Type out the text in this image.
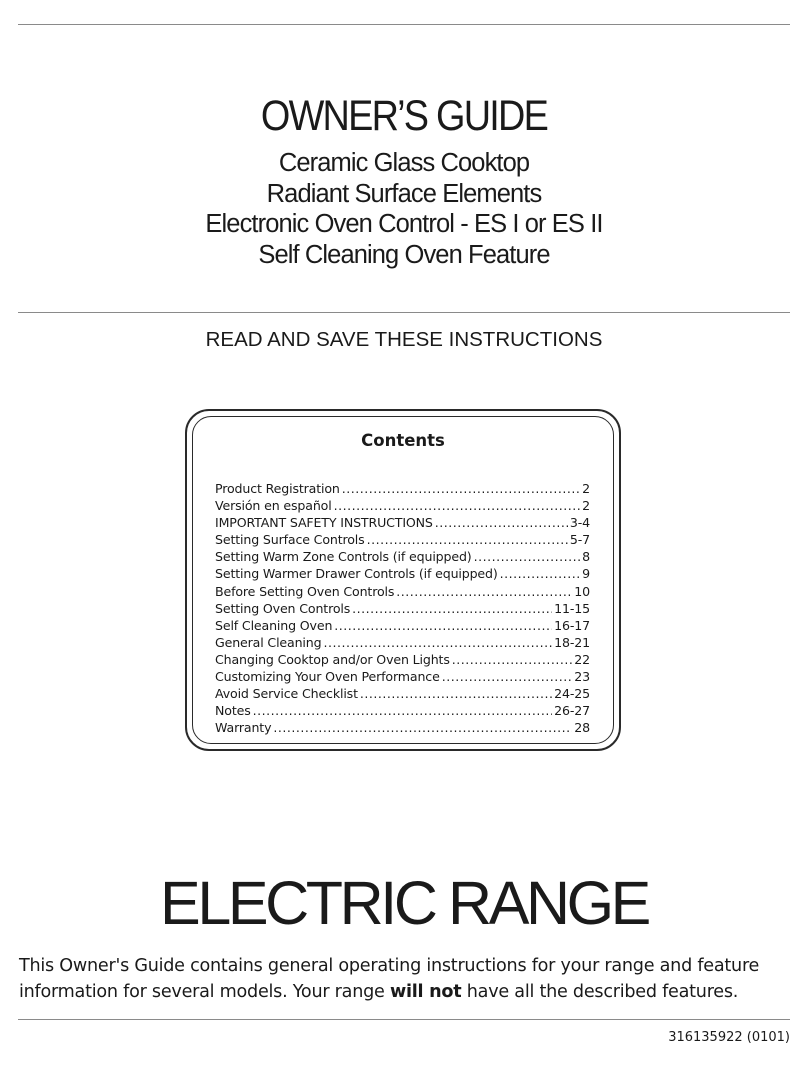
OWNER’S GUIDE
Ceramic Glass Cooktop
Radiant Surface Elements
Electronic Oven Control - ES I or ES II
Self Cleaning Oven Feature
READ AND SAVE THESE INSTRUCTIONS
Contents
Product Registration .....	2
Versión en español .....	2
IMPORTANT SAFETY INSTRUCTIONS .....	3-4
Setting Surface Controls .....	5-7
Setting Warm Zone Controls (if equipped) .....	8
Setting Warmer Drawer Controls (if equipped) .....	9
Before Setting Oven Controls .....	10
Setting Oven Controls .....	11-15
Self Cleaning Oven .....	16-17
General Cleaning .....	18-21
Changing Cooktop and/or Oven Lights .....	22
Customizing Your Oven Performance .....	23
Avoid Service Checklist .....	24-25
Notes .....	26-27
Warranty .....	28
ELECTRIC RANGE
This Owner's Guide contains general operating instructions for your range and feature information for several models. Your range will not have all the described features.
316135922 (0101)
